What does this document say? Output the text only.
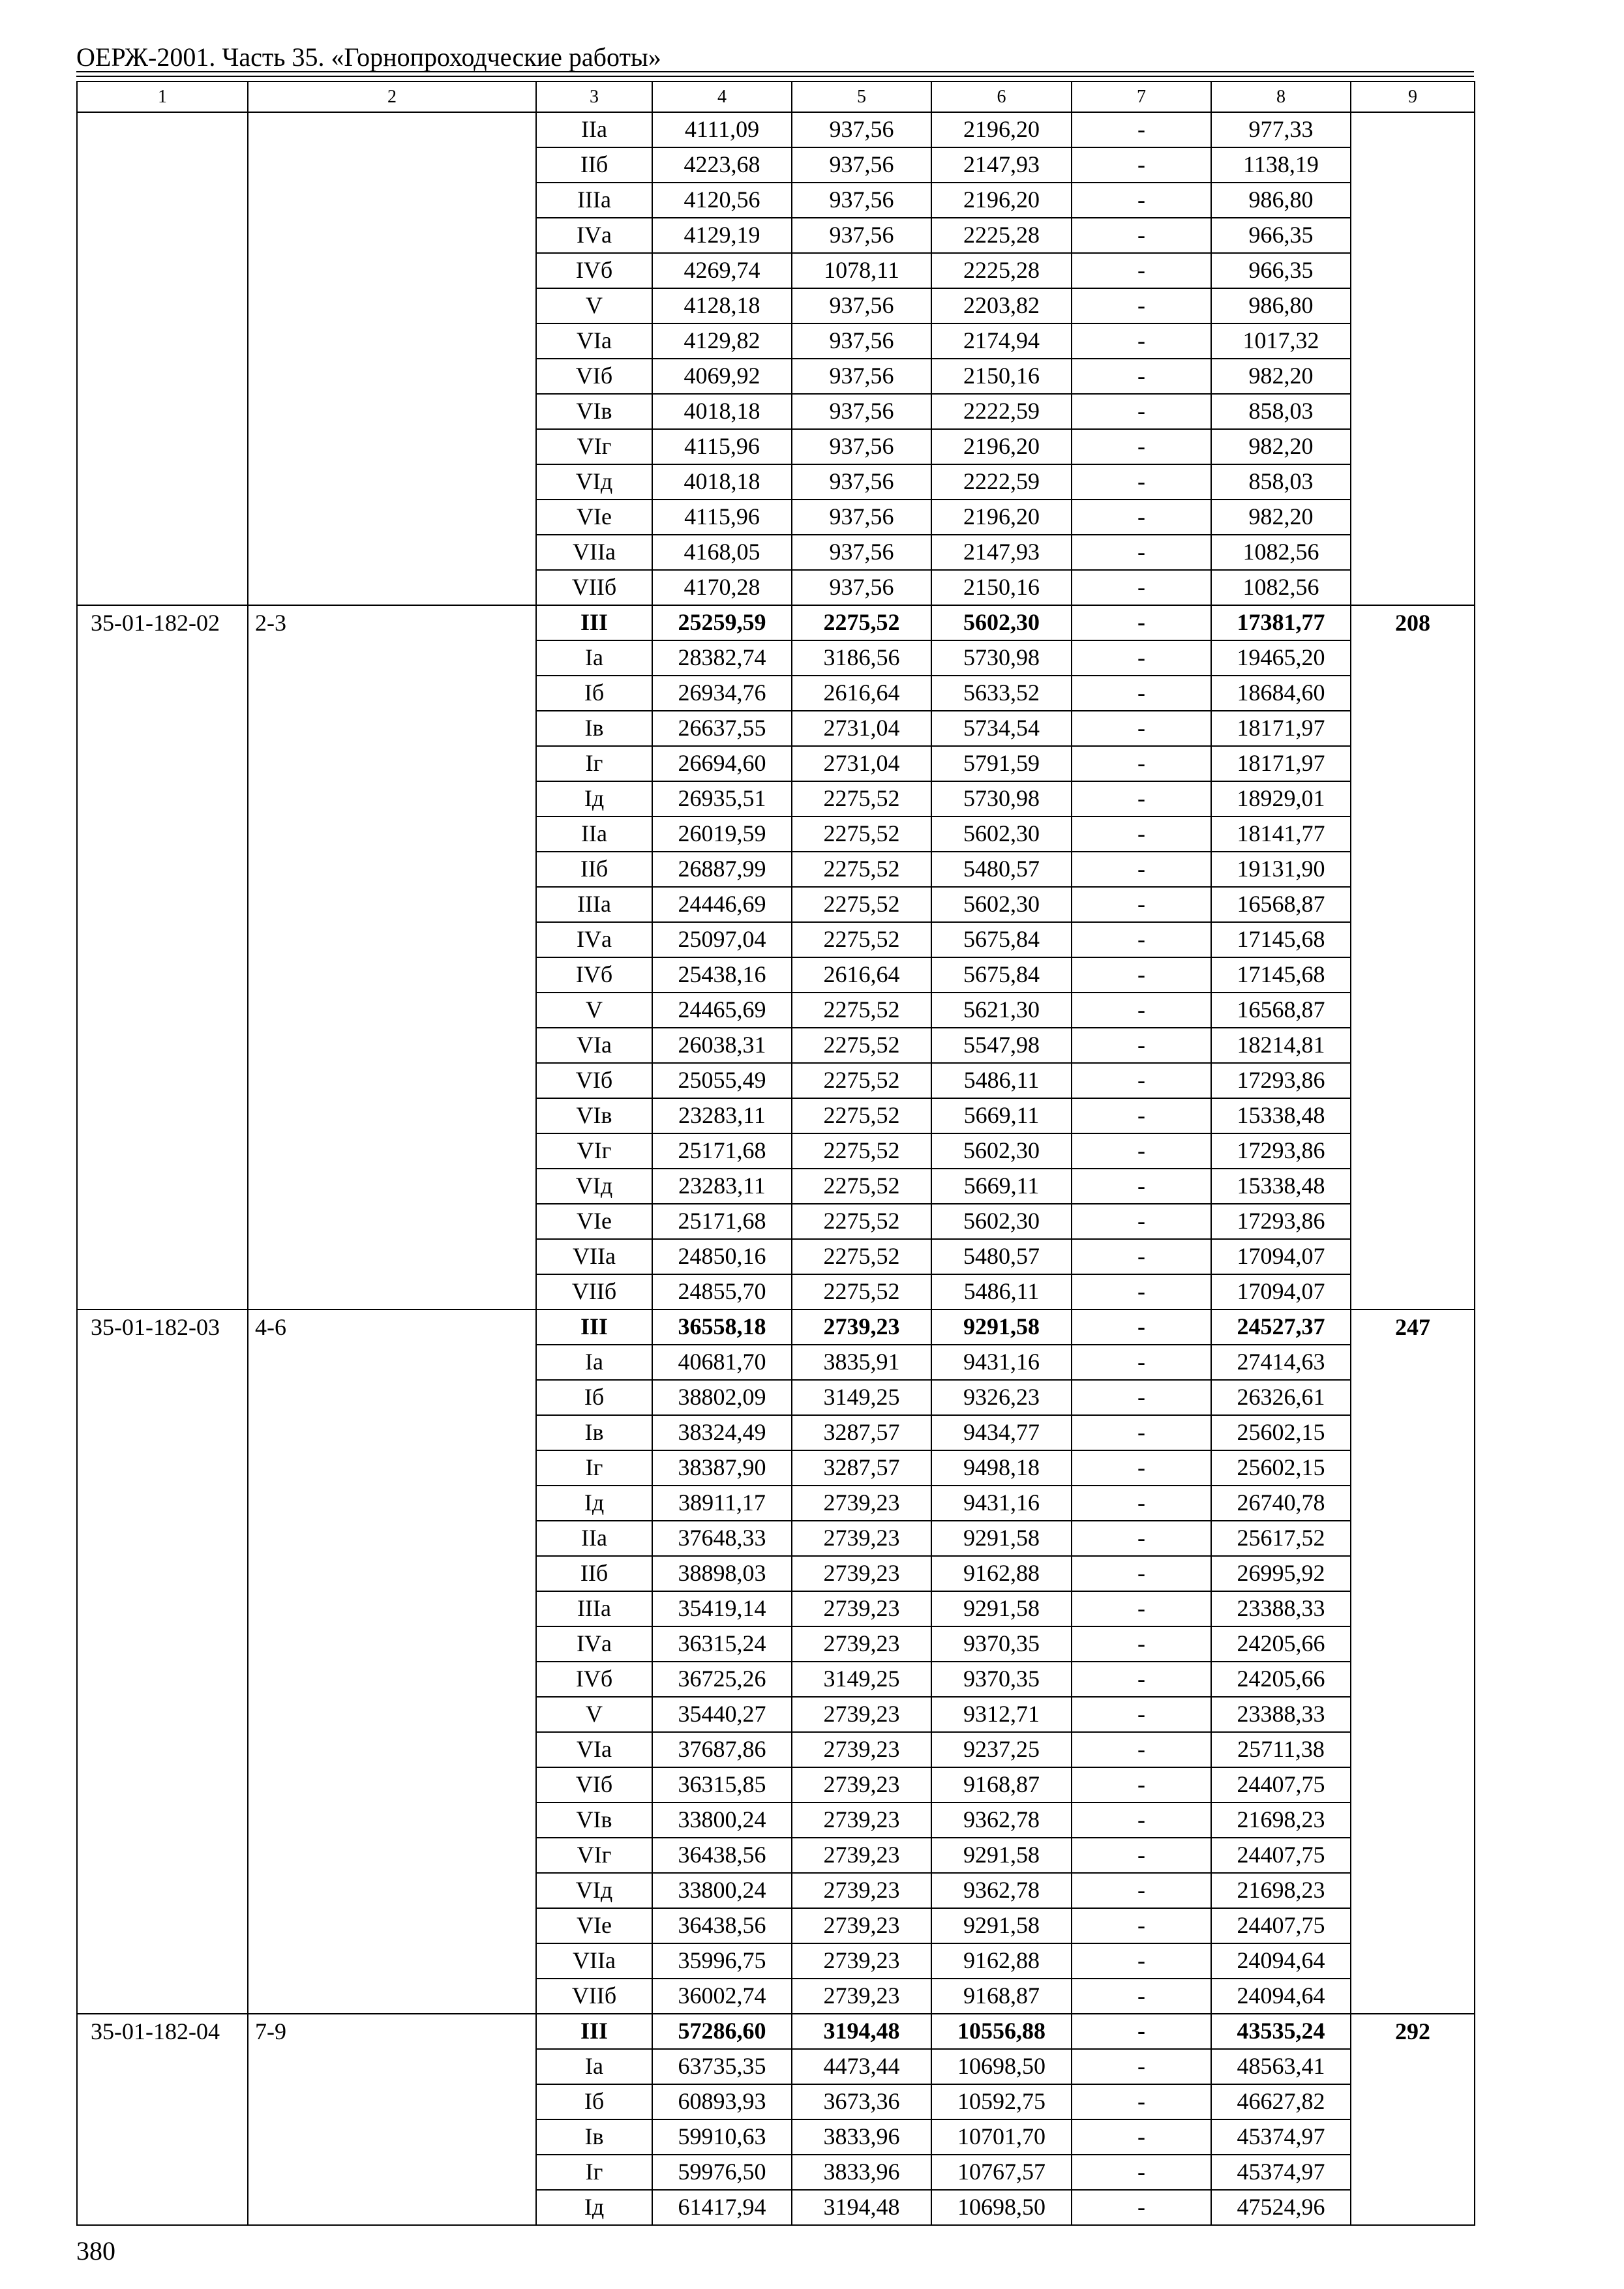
ОЕРЖ-2001. Часть 35. «Горнопроходческие работы»
1	2	3	4	5	6	7	8	9
		IIа	4111,09	937,56	2196,20	-	977,33	
		IIб	4223,68	937,56	2147,93	-	1138,19	
		IIIа	4120,56	937,56	2196,20	-	986,80	
		IVа	4129,19	937,56	2225,28	-	966,35	
		IVб	4269,74	1078,11	2225,28	-	966,35	
		V	4128,18	937,56	2203,82	-	986,80	
		VIа	4129,82	937,56	2174,94	-	1017,32	
		VIб	4069,92	937,56	2150,16	-	982,20	
		VIв	4018,18	937,56	2222,59	-	858,03	
		VIг	4115,96	937,56	2196,20	-	982,20	
		VIд	4018,18	937,56	2222,59	-	858,03	
		VIе	4115,96	937,56	2196,20	-	982,20	
		VIIа	4168,05	937,56	2147,93	-	1082,56	
		VIIб	4170,28	937,56	2150,16	-	1082,56	
35-01-182-02	2-3	III	25259,59	2275,52	5602,30	-	17381,77	208
		Iа	28382,74	3186,56	5730,98	-	19465,20	
		Iб	26934,76	2616,64	5633,52	-	18684,60	
		Iв	26637,55	2731,04	5734,54	-	18171,97	
		Iг	26694,60	2731,04	5791,59	-	18171,97	
		Iд	26935,51	2275,52	5730,98	-	18929,01	
		IIа	26019,59	2275,52	5602,30	-	18141,77	
		IIб	26887,99	2275,52	5480,57	-	19131,90	
		IIIа	24446,69	2275,52	5602,30	-	16568,87	
		IVа	25097,04	2275,52	5675,84	-	17145,68	
		IVб	25438,16	2616,64	5675,84	-	17145,68	
		V	24465,69	2275,52	5621,30	-	16568,87	
		VIа	26038,31	2275,52	5547,98	-	18214,81	
		VIб	25055,49	2275,52	5486,11	-	17293,86	
		VIв	23283,11	2275,52	5669,11	-	15338,48	
		VIг	25171,68	2275,52	5602,30	-	17293,86	
		VIд	23283,11	2275,52	5669,11	-	15338,48	
		VIе	25171,68	2275,52	5602,30	-	17293,86	
		VIIа	24850,16	2275,52	5480,57	-	17094,07	
		VIIб	24855,70	2275,52	5486,11	-	17094,07	
35-01-182-03	4-6	III	36558,18	2739,23	9291,58	-	24527,37	247
		Iа	40681,70	3835,91	9431,16	-	27414,63	
		Iб	38802,09	3149,25	9326,23	-	26326,61	
		Iв	38324,49	3287,57	9434,77	-	25602,15	
		Iг	38387,90	3287,57	9498,18	-	25602,15	
		Iд	38911,17	2739,23	9431,16	-	26740,78	
		IIа	37648,33	2739,23	9291,58	-	25617,52	
		IIб	38898,03	2739,23	9162,88	-	26995,92	
		IIIа	35419,14	2739,23	9291,58	-	23388,33	
		IVа	36315,24	2739,23	9370,35	-	24205,66	
		IVб	36725,26	3149,25	9370,35	-	24205,66	
		V	35440,27	2739,23	9312,71	-	23388,33	
		VIа	37687,86	2739,23	9237,25	-	25711,38	
		VIб	36315,85	2739,23	9168,87	-	24407,75	
		VIв	33800,24	2739,23	9362,78	-	21698,23	
		VIг	36438,56	2739,23	9291,58	-	24407,75	
		VIд	33800,24	2739,23	9362,78	-	21698,23	
		VIе	36438,56	2739,23	9291,58	-	24407,75	
		VIIа	35996,75	2739,23	9162,88	-	24094,64	
		VIIб	36002,74	2739,23	9168,87	-	24094,64	
35-01-182-04	7-9	III	57286,60	3194,48	10556,88	-	43535,24	292
		Iа	63735,35	4473,44	10698,50	-	48563,41	
		Iб	60893,93	3673,36	10592,75	-	46627,82	
		Iв	59910,63	3833,96	10701,70	-	45374,97	
		Iг	59976,50	3833,96	10767,57	-	45374,97	
		Iд	61417,94	3194,48	10698,50	-	47524,96	
380
